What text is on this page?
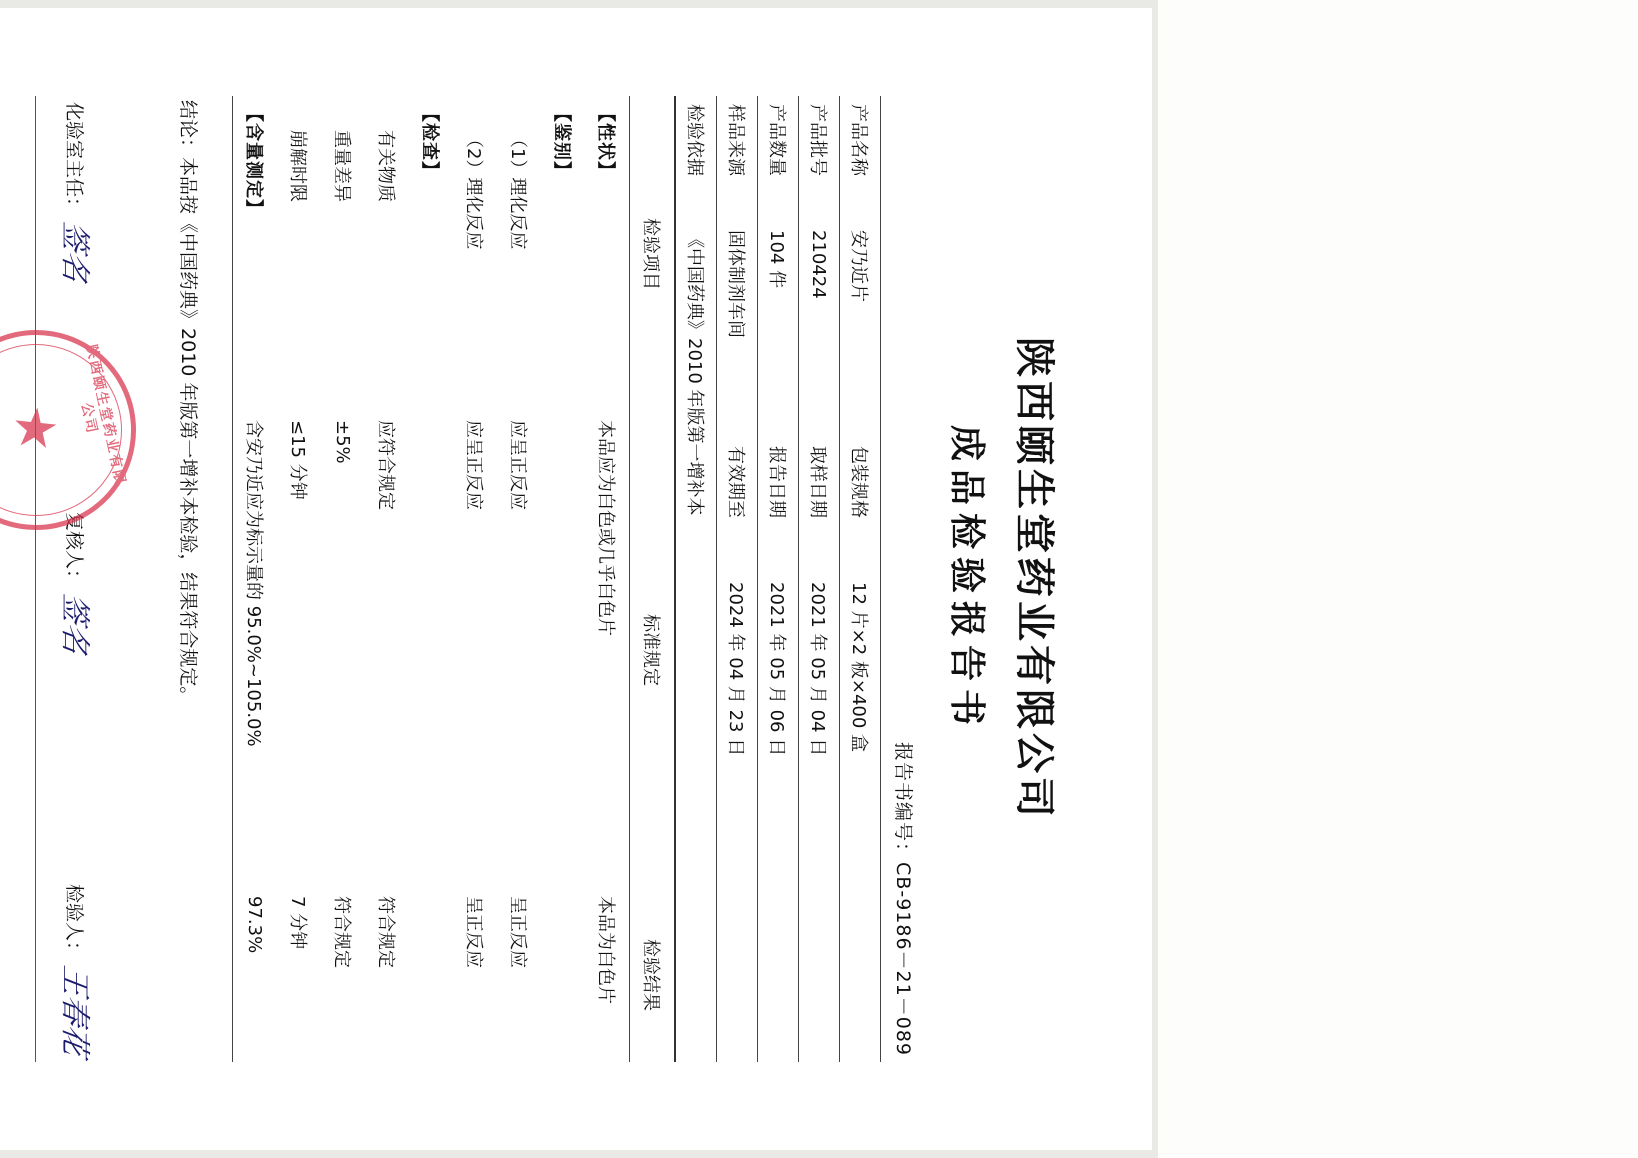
陕西颐生堂药业有限公司
成品检验报告书
报告书编号：CB-9186－21－089
产品名称	安乃近片	包装规格	12 片×2 板×400 盒
产品批号	210424	取样日期	2021 年 05 月 04 日
产品数量	104 件	报告日期	2021 年 05 月 06 日
样品来源	固体制剂车间	有效期至	2024 年 04 月 23 日
检验依据	《中国药典》2010 年版第一增补本		
检验项目	标准规定	检验结果
【性状】	本品应为白色或几乎白色片	本品为白色片
【鉴别】		
（1）理化反应	应呈正反应	呈正反应
（2）理化反应	应呈正反应	呈正反应
【检查】		
有关物质	应符合规定	符合规定
重量差异	±5%	符合规定
崩解时限	≤15 分钟	7 分钟
【含量测定】	含安乃近应为标示量的 95.0%~105.0%	97.3%
结论：本品按《中国药典》2010 年版第一增补本检验，结果符合规定。
化验室主任：
签名
复核人：
签名
检验人：
王春花
陕西颐生堂药业有限公司
★
